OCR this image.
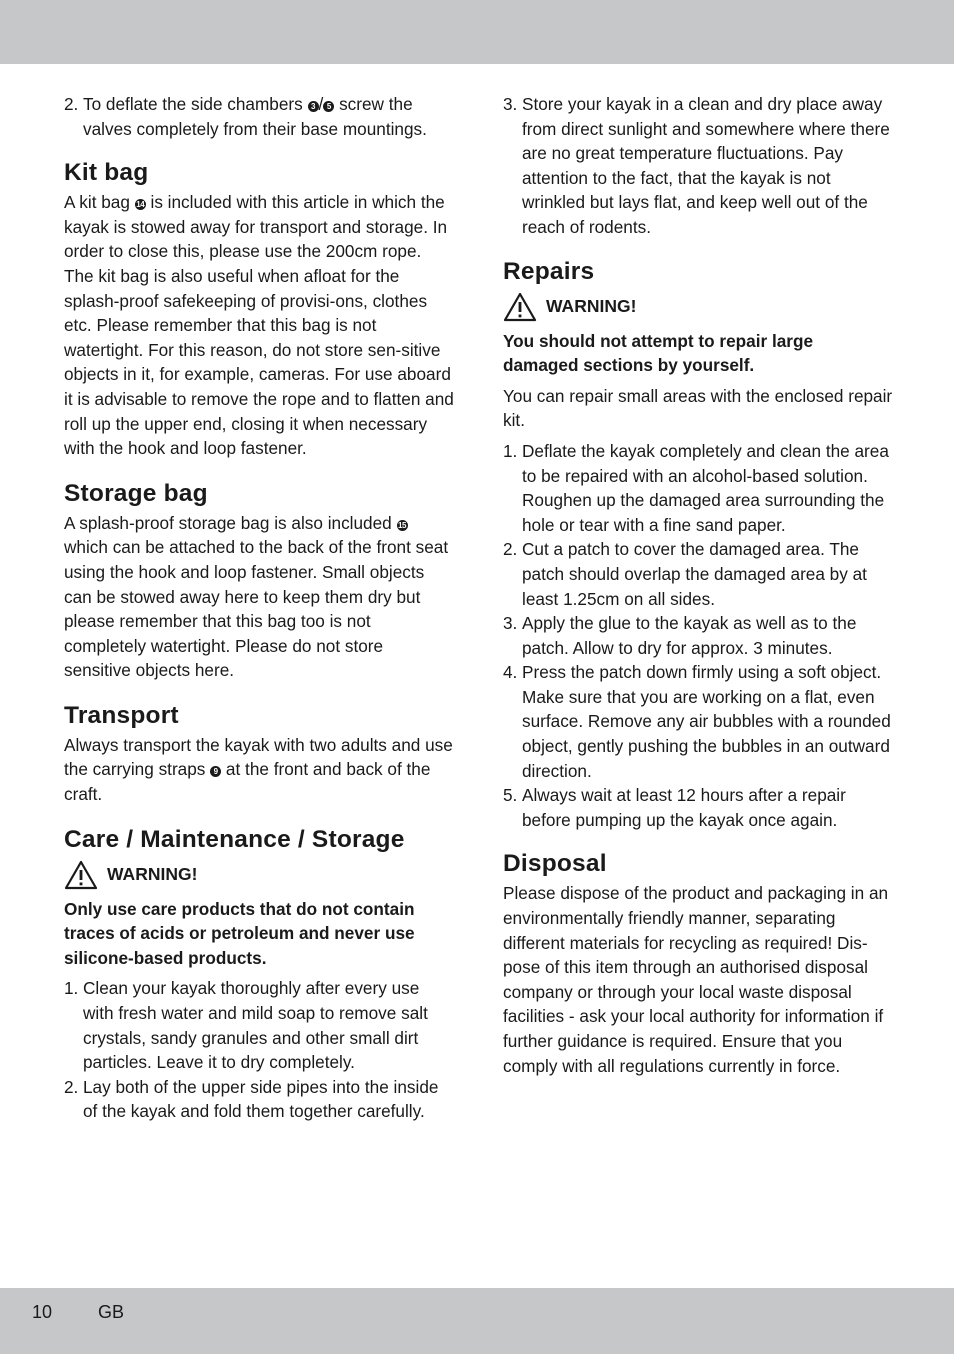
2. To deflate the side chambers 3 / 5 screw the valves completely from their base mountings.
Kit bag

A kit bag 14 is included with this article in which the kayak is stowed away for transport and storage. In order to close this, please use the 200cm rope. The kit bag is also useful when afloat for the splash-proof safekeeping of provisi-ons, clothes etc. Please remember that this bag is not watertight. For this reason, do not store sen-sitive objects in it, for example, cameras. For use aboard it is advisable to remove the rope and to flatten and roll up the upper end, closing it when necessary with the hook and loop fastener.

Storage bag

A splash-proof storage bag is also included 15 which can be attached to the back of the front seat using the hook and loop fastener. Small objects can be stowed away here to keep them dry but please remember that this bag too is not completely watertight. Please do not store sensitive objects here.

Transport

Always transport the kayak with two adults and use the carrying straps 9 at the front and back of the craft.

Care / Maintenance / Storage
WARNING!

Only use care products that do not contain traces of acids or petroleum and never use silicone-based products.

1. Clean your kayak thoroughly after every use with fresh water and mild soap to remove salt crystals, sandy granules and other small dirt particles. Leave it to dry completely.
2. Lay both of the upper side pipes into the inside of the kayak and fold them together carefully.
3. Store your kayak in a clean and dry place away from direct sunlight and somewhere where there are no great temperature fluctuations. Pay attention to the fact, that the kayak is not wrinkled but lays flat, and keep well out of the reach of rodents.
Repairs
WARNING!

You should not attempt to repair large damaged sections by yourself.

You can repair small areas with the enclosed repair kit.

1. Deflate the kayak completely and clean the area to be repaired with an alcohol-based solution. Roughen up the damaged area surrounding the hole or tear with a fine sand paper.
2. Cut a patch to cover the damaged area. The patch should overlap the damaged area by at least 1.25cm on all sides.
3. Apply the glue to the kayak as well as to the patch. Allow to dry for approx. 3 minutes.
4. Press the patch down firmly using a soft object. Make sure that you are working on a flat, even surface. Remove any air bubbles with a rounded object, gently pushing the bubbles in an outward direction.
5. Always wait at least 12 hours after a repair before pumping up the kayak once again.
Disposal

Please dispose of the product and packaging in an environmentally friendly manner, separating different materials for recycling as required! Dis-pose of this item through an authorised disposal company or through your local waste disposal facilities - ask your local authority for information if further guidance is required. Ensure that you comply with all regulations currently in force.

10	GB
